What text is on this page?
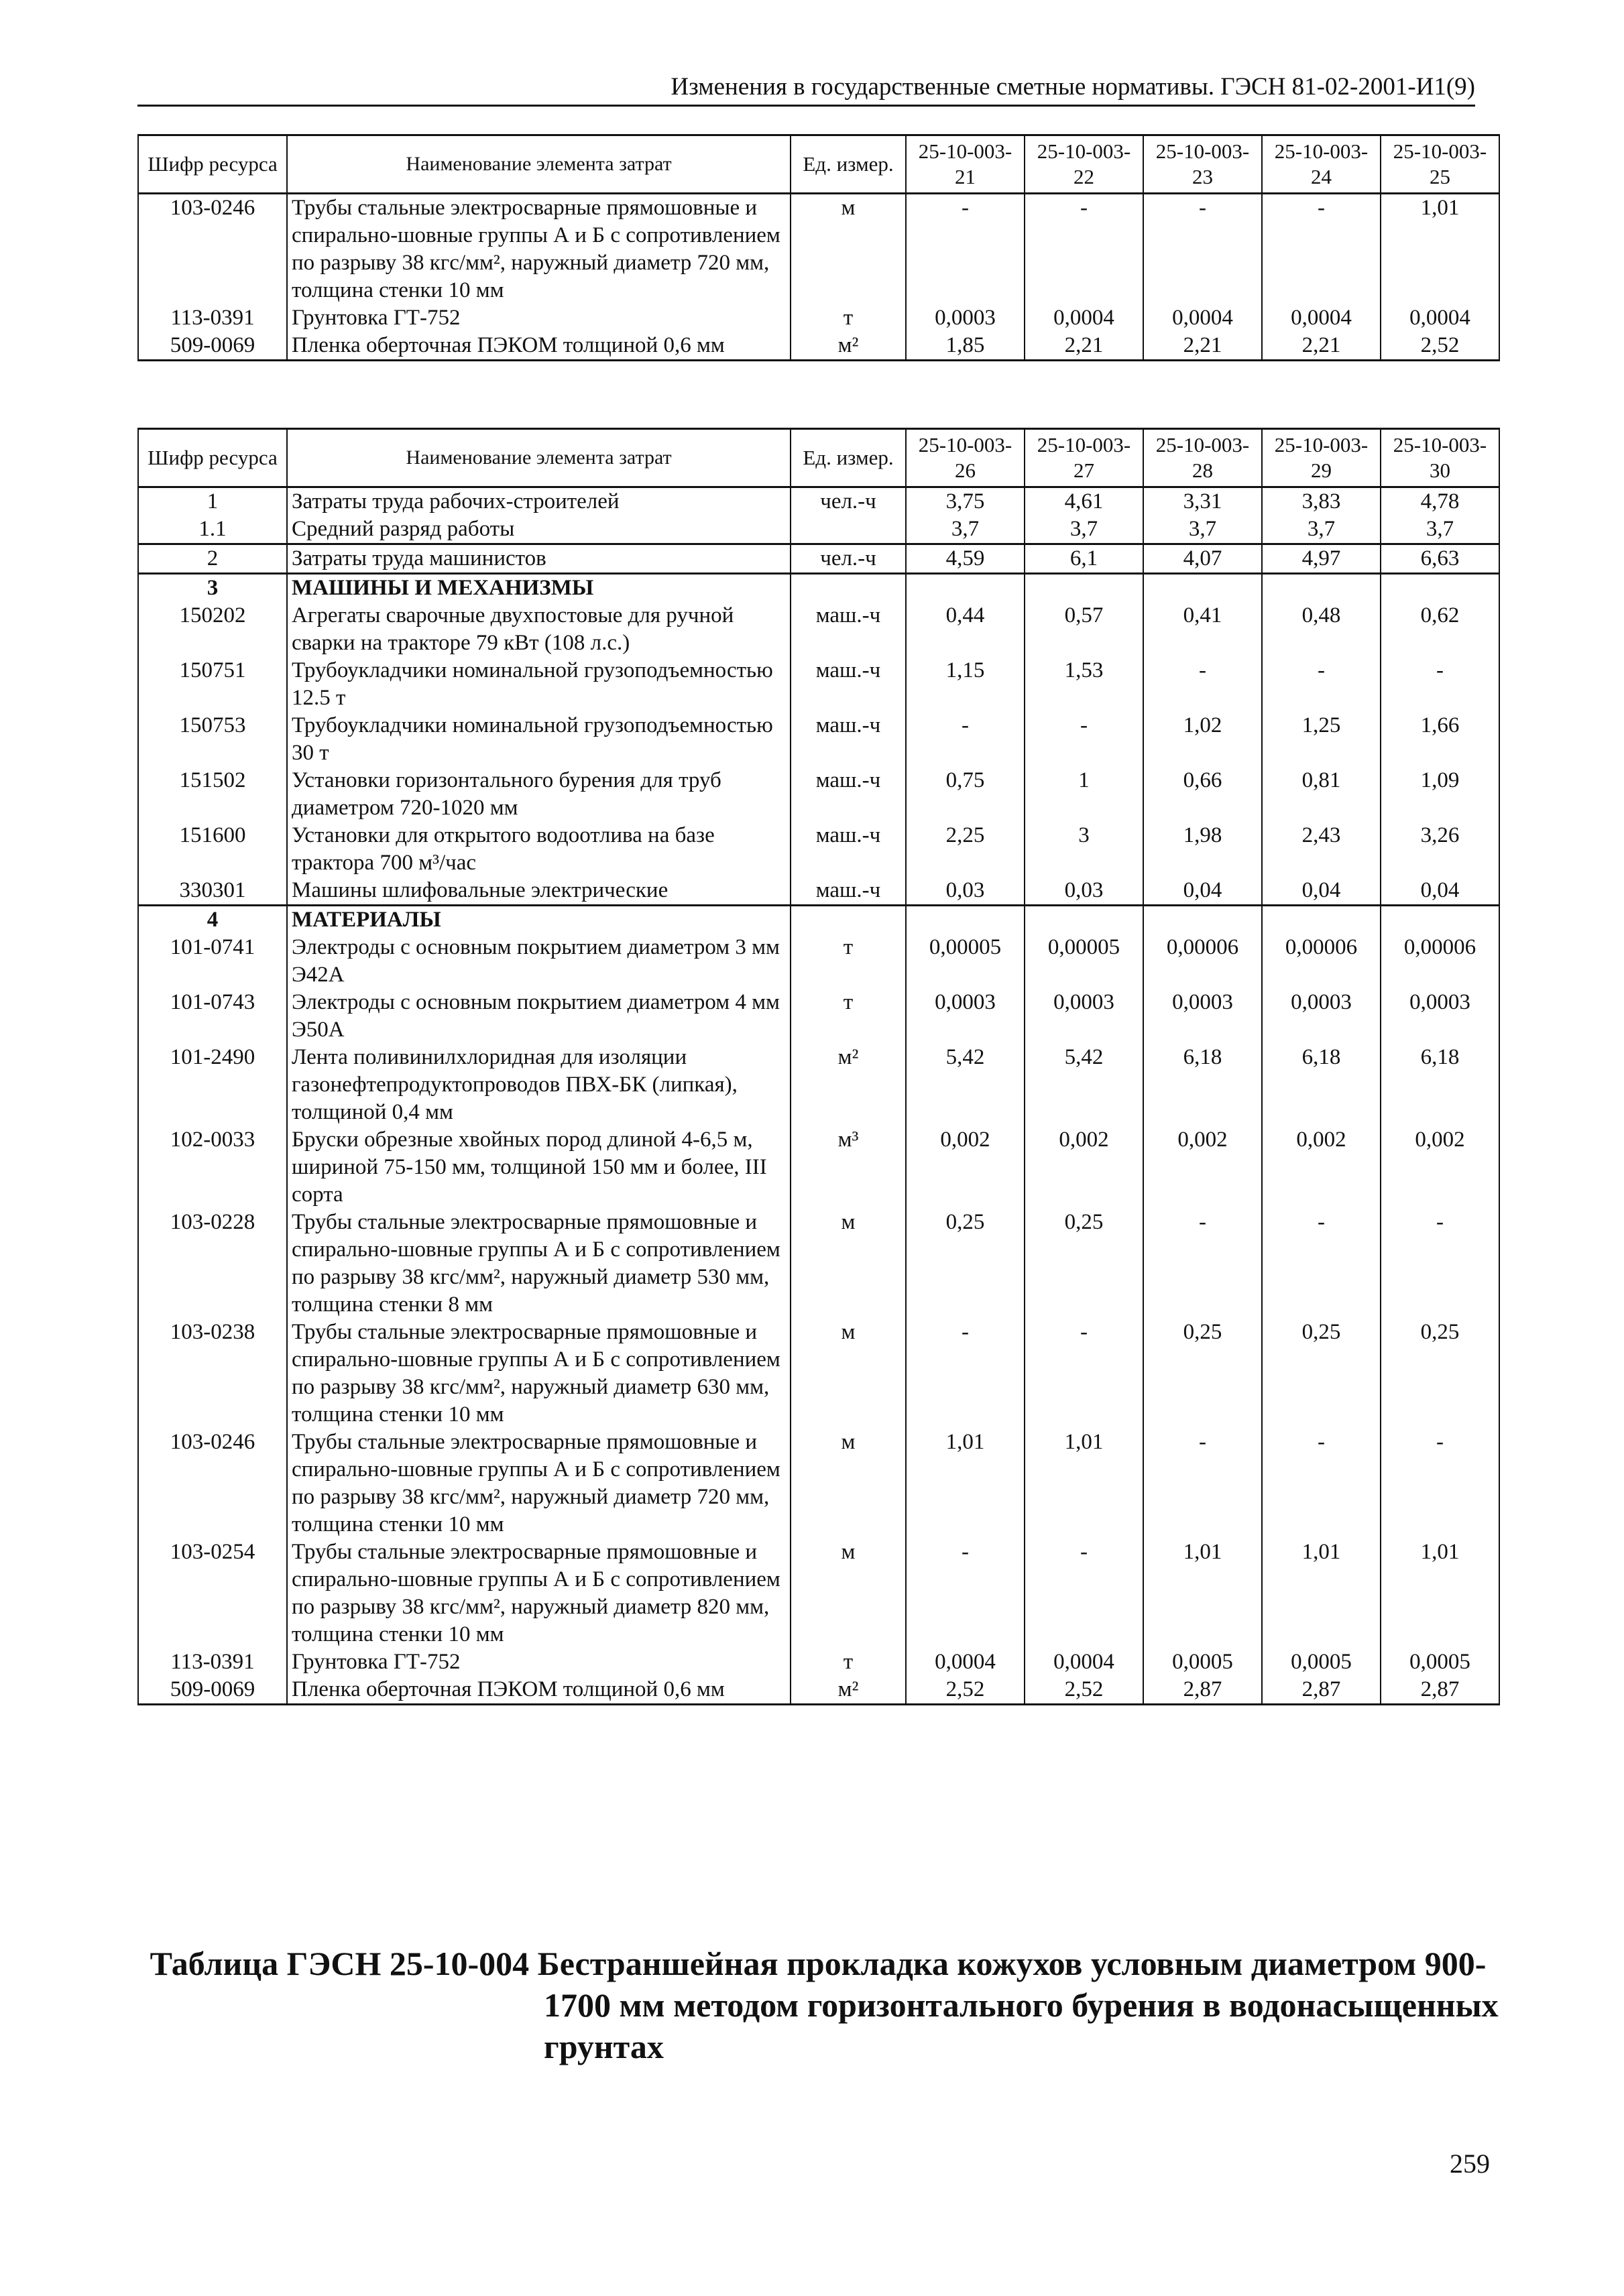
Изменения в государственные сметные нормативы. ГЭСН 81-02-2001-И1(9)
Шифр ресурса	Наименование элемента затрат	Ед. измер.	25-10-003-21	25-10-003-22	25-10-003-23	25-10-003-24	25-10-003-25
103-0246	Трубы стальные электросварные прямошовные и спирально-шовные группы А и Б с сопротивлением по разрыву 38 кгс/мм², наружный диаметр 720 мм, толщина стенки 10 мм	м	-	-	-	-	1,01
113-0391	Грунтовка ГТ-752	т	0,0003	0,0004	0,0004	0,0004	0,0004
509-0069	Пленка оберточная ПЭКОМ толщиной 0,6 мм	м²	1,85	2,21	2,21	2,21	2,52
Шифр ресурса	Наименование элемента затрат	Ед. измер.	25-10-003-26	25-10-003-27	25-10-003-28	25-10-003-29	25-10-003-30
1	Затраты труда рабочих-строителей	чел.-ч	3,75	4,61	3,31	3,83	4,78
1.1	Средний разряд работы		3,7	3,7	3,7	3,7	3,7
2	Затраты труда машинистов	чел.-ч	4,59	6,1	4,07	4,97	6,63
3	МАШИНЫ И МЕХАНИЗМЫ						
150202	Агрегаты сварочные двухпостовые для ручной сварки на тракторе 79 кВт (108 л.с.)	маш.-ч	0,44	0,57	0,41	0,48	0,62
150751	Трубоукладчики номинальной грузоподъемностью 12.5 т	маш.-ч	1,15	1,53	-	-	-
150753	Трубоукладчики номинальной грузоподъемностью 30 т	маш.-ч	-	-	1,02	1,25	1,66
151502	Установки горизонтального бурения для труб диаметром 720-1020 мм	маш.-ч	0,75	1	0,66	0,81	1,09
151600	Установки для открытого водоотлива на базе трактора 700 м³/час	маш.-ч	2,25	3	1,98	2,43	3,26
330301	Машины шлифовальные электрические	маш.-ч	0,03	0,03	0,04	0,04	0,04
4	МАТЕРИАЛЫ						
101-0741	Электроды с основным покрытием диаметром 3 мм Э42А	т	0,00005	0,00005	0,00006	0,00006	0,00006
101-0743	Электроды с основным покрытием диаметром 4 мм Э50А	т	0,0003	0,0003	0,0003	0,0003	0,0003
101-2490	Лента поливинилхлоридная для изоляции газонефтепродуктопроводов ПВХ-БК (липкая), толщиной 0,4 мм	м²	5,42	5,42	6,18	6,18	6,18
102-0033	Бруски обрезные хвойных пород длиной 4-6,5 м, шириной 75-150 мм, толщиной 150 мм и более, III сорта	м³	0,002	0,002	0,002	0,002	0,002
103-0228	Трубы стальные электросварные прямошовные и спирально-шовные группы А и Б с сопротивлением по разрыву 38 кгс/мм², наружный диаметр 530 мм, толщина стенки 8 мм	м	0,25	0,25	-	-	-
103-0238	Трубы стальные электросварные прямошовные и спирально-шовные группы А и Б с сопротивлением по разрыву 38 кгс/мм², наружный диаметр 630 мм, толщина стенки 10 мм	м	-	-	0,25	0,25	0,25
103-0246	Трубы стальные электросварные прямошовные и спирально-шовные группы А и Б с сопротивлением по разрыву 38 кгс/мм², наружный диаметр 720 мм, толщина стенки 10 мм	м	1,01	1,01	-	-	-
103-0254	Трубы стальные электросварные прямошовные и спирально-шовные группы А и Б с сопротивлением по разрыву 38 кгс/мм², наружный диаметр 820 мм, толщина стенки 10 мм	м	-	-	1,01	1,01	1,01
113-0391	Грунтовка ГТ-752	т	0,0004	0,0004	0,0005	0,0005	0,0005
509-0069	Пленка оберточная ПЭКОМ толщиной 0,6 мм	м²	2,52	2,52	2,87	2,87	2,87
Таблица ГЭСН 25-10-004 Бестраншейная прокладка кожухов условным диаметром 900-
1700 мм методом горизонтального бурения в водонасыщенных грунтах
259
